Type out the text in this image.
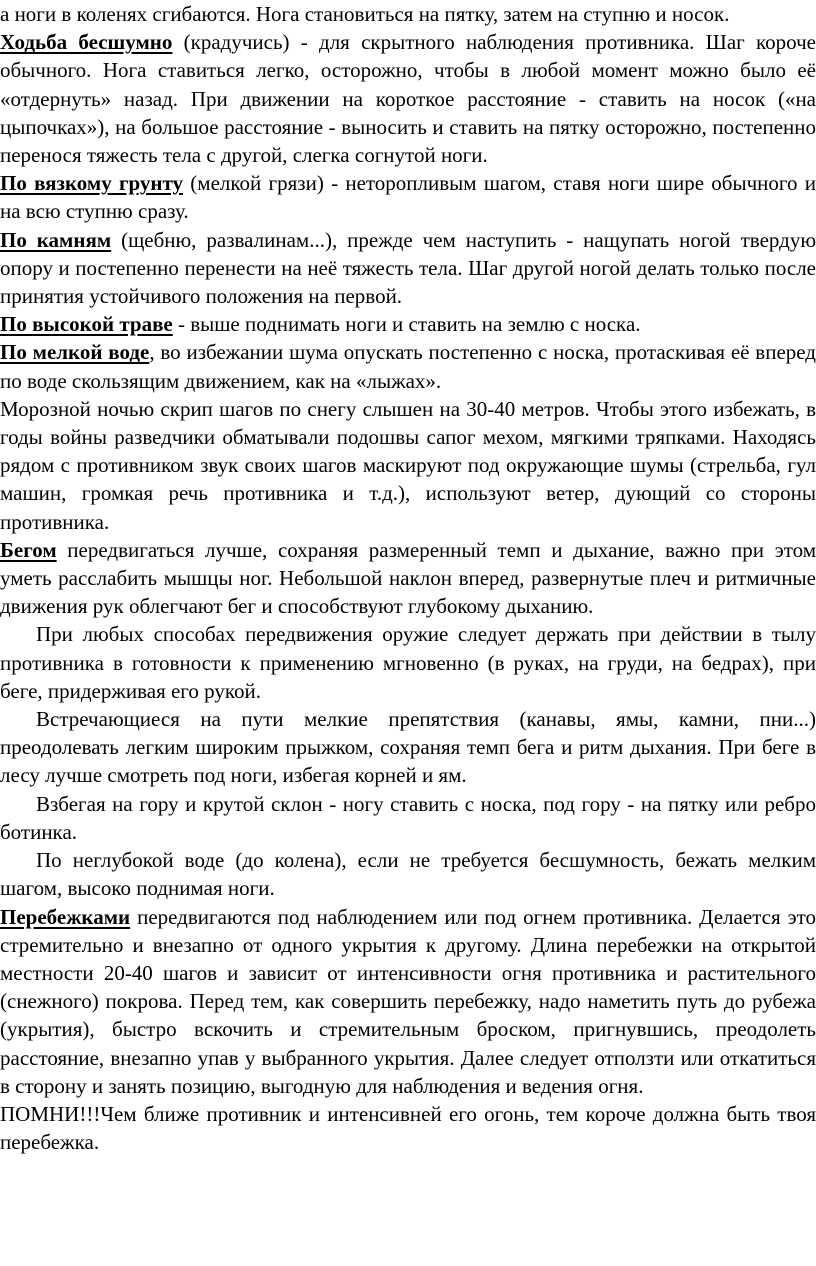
а ноги в коленях сгибаются. Нога становиться на пятку, затем на ступню и носок.

Ходьба бесшумно (крадучись) - для скрытного наблюдения противника. Шаг короче обычного. Нога ставиться легко, осторожно, чтобы в любой момент можно было её «отдернуть» назад. При движении на короткое расстояние - ставить на носок («на цыпочках»), на большое расстояние - выносить и ставить на пятку осторожно, постепенно перенося тяжесть тела с другой, слегка согнутой ноги.

По вязкому грунту (мелкой грязи) - неторопливым шагом, ставя ноги шире обычного и на всю ступню сразу.

По камням (щебню, развалинам...), прежде чем наступить - нащупать ногой твердую опору и постепенно перенести на неё тяжесть тела. Шаг другой ногой делать только после принятия устойчивого положения на первой.

По высокой траве - выше поднимать ноги и ставить на землю с носка.

По мелкой воде, во избежании шума опускать постепенно с носка, протаскивая её вперед по воде скользящим движением, как на «лыжах».

Морозной ночью скрип шагов по снегу слышен на 30-40 метров. Чтобы этого избежать, в годы войны разведчики обматывали подошвы сапог мехом, мягкими тряпками. Находясь рядом с противником звук своих шагов маскируют под окружающие шумы (стрельба, гул машин, громкая речь противника и т.д.), используют ветер, дующий со стороны противника.

Бегом передвигаться лучше, сохраняя размеренный темп и дыхание, важно при этом уметь расслабить мышцы ног. Небольшой наклон вперед, развернутые плеч и ритмичные движения рук облегчают бег и способствуют глубокому дыханию.

При любых способах передвижения оружие следует держать при действии в тылу противника в готовности к применению мгновенно (в руках, на груди, на бедрах), при беге, придерживая его рукой.

Встречающиеся на пути мелкие препятствия (канавы, ямы, камни, пни...) преодолевать легким широким прыжком, сохраняя темп бега и ритм дыхания. При беге в лесу лучше смотреть под ноги, избегая корней и ям.

Взбегая на гору и крутой склон - ногу ставить с носка, под гору - на пятку или ребро ботинка.

По неглубокой воде (до колена), если не требуется бесшумность, бежать мелким шагом, высоко поднимая ноги.

Перебежками передвигаются под наблюдением или под огнем противника. Делается это стремительно и внезапно от одного укрытия к другому. Длина перебежки на открытой местности 20-40 шагов и зависит от интенсивности огня противника и растительного (снежного) покрова. Перед тем, как совершить перебежку, надо наметить путь до рубежа (укрытия), быстро вскочить и стремительным броском, пригнувшись, преодолеть расстояние, внезапно упав у выбранного укрытия. Далее следует отползти или откатиться в сторону и занять позицию, выгодную для наблюдения и ведения огня.

ПОМНИ!!!Чем ближе противник и интенсивней его огонь, тем короче должна быть твоя перебежка.
